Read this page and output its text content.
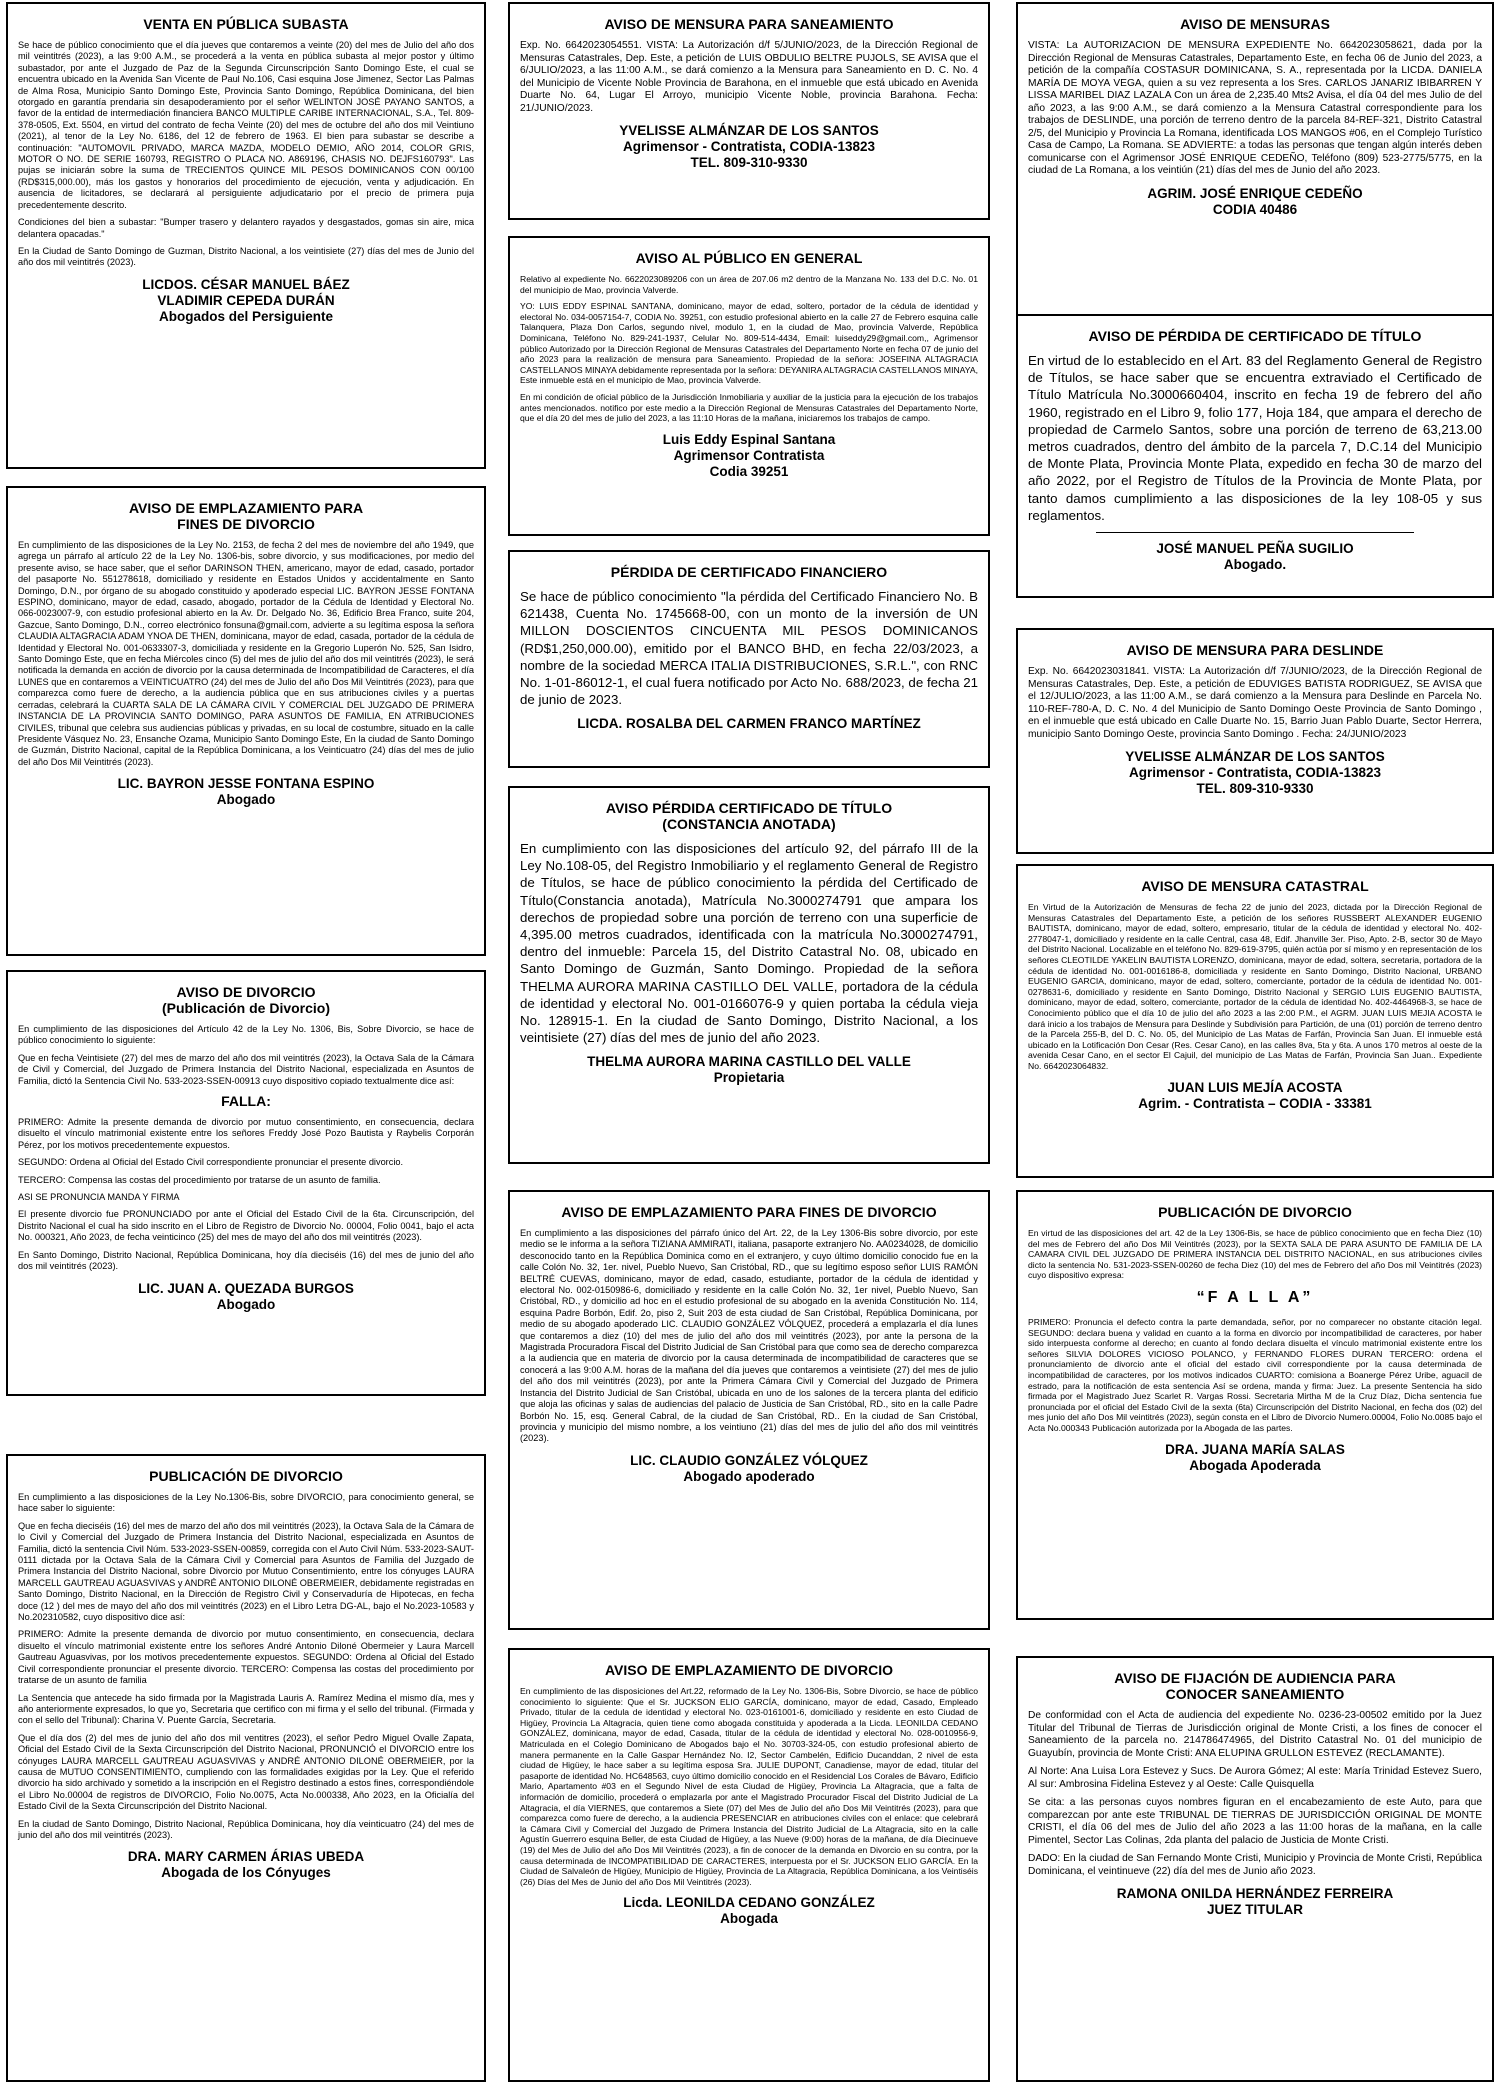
VENTA EN PÚBLICA SUBASTA

Se hace de público conocimiento que el día jueves que contaremos a veinte (20) del mes de Julio del año dos mil veintitrés (2023), a las 9:00 A.M., se procederá a la venta en pública subasta al mejor postor y último subastador, por ante el Juzgado de Paz de la Segunda Circunscripción Santo Domingo Este, el cual se encuentra ubicado en la Avenida San Vicente de Paul No.106, Casi esquina Jose Jimenez, Sector Las Palmas de Alma Rosa, Municipio Santo Domingo Este, Provincia Santo Domingo, República Dominicana, del bien otorgado en garantía prendaria sin desapoderamiento por el señor WELINTON JOSÉ PAYANO SANTOS, a favor de la entidad de intermediación financiera BANCO MULTIPLE CARIBE INTERNACIONAL, S.A., Tel. 809-378-0505, Ext. 5504, en virtud del contrato de fecha Veinte (20) del mes de octubre del año dos mil Veintiuno (2021), al tenor de la Ley No. 6186, del 12 de febrero de 1963. El bien para subastar se describe a continuación: "AUTOMOVIL PRIVADO, MARCA MAZDA, MODELO DEMIO, AÑO 2014, COLOR GRIS, MOTOR O NO. DE SERIE 160793, REGISTRO O PLACA NO. A869196, CHASIS NO. DEJFS160793". Las pujas se iniciarán sobre la suma de TRECIENTOS QUINCE MIL PESOS DOMINICANOS CON 00/100 (RD$315,000.00), más los gastos y honorarios del procedimiento de ejecución, venta y adjudicación. En ausencia de licitadores, se declarará al persiguiente adjudicatario por el precio de primera puja precedentemente descrito.

Condiciones del bien a subastar: "Bumper trasero y delantero rayados y desgastados, gomas sin aire, mica delantera opacadas."

En la Ciudad de Santo Domingo de Guzman, Distrito Nacional, a los veintisiete (27) días del mes de Junio del año dos mil veintitrés (2023).

LICDOS. CÉSAR MANUEL BÁEZ
VLADIMIR CEPEDA DURÁN
Abogados del Persiguiente
AVISO DE EMPLAZAMIENTO PARA
FINES DE DIVORCIO

En cumplimiento de las disposiciones de la Ley No. 2153, de fecha 2 del mes de noviembre del año 1949, que agrega un párrafo al artículo 22 de la Ley No. 1306-bis, sobre divorcio, y sus modificaciones, por medio del presente aviso, se hace saber, que el señor DARINSON THEN, americano, mayor de edad, casado, portador del pasaporte No. 551278618, domiciliado y residente en Estados Unidos y accidentalmente en Santo Domingo, D.N., por órgano de su abogado constituido y apoderado especial LIC. BAYRON JESSE FONTANA ESPINO, dominicano, mayor de edad, casado, abogado, portador de la Cédula de Identidad y Electoral No. 066-0023007-9, con estudio profesional abierto en la Av. Dr. Delgado No. 36, Edificio Brea Franco, suite 204, Gazcue, Santo Domingo, D.N., correo electrónico fonsuna@gmail.com, advierte a su legítima esposa la señora CLAUDIA ALTAGRACIA ADAM YNOA DE THEN, dominicana, mayor de edad, casada, portador de la cédula de Identidad y Electoral No. 001-0633307-3, domiciliada y residente en la Gregorio Luperón No. 525, San Isidro, Santo Domingo Este, que en fecha Miércoles cinco (5) del mes de julio del año dos mil veintitrés (2023), le será notificada la demanda en acción de divorcio por la causa determinada de Incompatibilidad de Caracteres, el día LUNES que en contaremos a VEINTICUATRO (24) del mes de Julio del año Dos Mil Veintitrés (2023), para que comparezca como fuere de derecho, a la audiencia pública que en sus atribuciones civiles y a puertas cerradas, celebrará la CUARTA SALA DE LA CÁMARA CIVIL Y COMERCIAL DEL JUZGADO DE PRIMERA INSTANCIA DE LA PROVINCIA SANTO DOMINGO, PARA ASUNTOS DE FAMILIA, EN ATRIBUCIONES CIVILES, tribunal que celebra sus audiencias públicas y privadas, en su local de costumbre, situado en la calle Presidente Vásquez No. 23, Ensanche Ozama, Municipio Santo Domingo Este, En la ciudad de Santo Domingo de Guzmán, Distrito Nacional, capital de la República Dominicana, a los Veinticuatro (24) días del mes de julio del año Dos Mil Veintitrés (2023).

LIC. BAYRON JESSE FONTANA ESPINO
Abogado
AVISO DE DIVORCIO
(Publicación de Divorcio)

En cumplimiento de las disposiciones del Artículo 42 de la Ley No. 1306, Bis, Sobre Divorcio, se hace de público conocimiento lo siguiente:

Que en fecha Veintisiete (27) del mes de marzo del año dos mil veintitrés (2023), la Octava Sala de la Cámara de Civil y Comercial, del Juzgado de Primera Instancia del Distrito Nacional, especializada en Asuntos de Familia, dictó la Sentencia Civil No. 533-2023-SSEN-00913 cuyo dispositivo copiado textualmente dice así:

FALLA:

PRIMERO: Admite la presente demanda de divorcio por mutuo consentimiento, en consecuencia, declara disuelto el vínculo matrimonial existente entre los señores Freddy José Pozo Bautista y Raybelis Corporán Pérez, por los motivos precedentemente expuestos.

SEGUNDO: Ordena al Oficial del Estado Civil correspondiente pronunciar el presente divorcio.

TERCERO: Compensa las costas del procedimiento por tratarse de un asunto de familia.

ASI SE PRONUNCIA MANDA Y FIRMA

El presente divorcio fue PRONUNCIADO por ante el Oficial del Estado Civil de la 6ta. Circunscripción, del Distrito Nacional el cual ha sido inscrito en el Libro de Registro de Divorcio No. 00004, Folio 0041, bajo el acta No. 000321, Año 2023, de fecha veinticinco (25) del mes de mayo del año dos mil veintitrés (2023).

En Santo Domingo, Distrito Nacional, República Dominicana, hoy día dieciséis (16) del mes de junio del año dos mil veintitrés (2023).

LIC. JUAN A. QUEZADA BURGOS
Abogado
PUBLICACIÓN DE DIVORCIO

En cumplimiento a las disposiciones de la Ley No.1306-Bis, sobre DIVORCIO, para conocimiento general, se hace saber lo siguiente:

Que en fecha dieciséis (16) del mes de marzo del año dos mil veintitrés (2023), la Octava Sala de la Cámara de lo Civil y Comercial del Juzgado de Primera Instancia del Distrito Nacional, especializada en Asuntos de Familia, dictó la sentencia Civil Núm. 533-2023-SSEN-00859, corregida con el Auto Civil Núm. 533-2023-SAUT-0111 dictada por la Octava Sala de la Cámara Civil y Comercial para Asuntos de Familia del Juzgado de Primera Instancia del Distrito Nacional, sobre Divorcio por Mutuo Consentimiento, entre los cónyuges LAURA MARCELL GAUTREAU AGUASVIVAS y ANDRÉ ANTONIO DILONÉ OBERMEIER, debidamente registradas en Santo Domingo, Distrito Nacional, en la Dirección de Registro Civil y Conservaduría de Hipotecas, en fecha doce (12 ) del mes de mayo del año dos mil veintitrés (2023) en el Libro Letra DG-AL, bajo el No.2023-10583 y No.202310582, cuyo dispositivo dice así:

PRIMERO: Admite la presente demanda de divorcio por mutuo consentimiento, en consecuencia, declara disuelto el vínculo matrimonial existente entre los señores André Antonio Diloné Obermeier y Laura Marcell Gautreau Aguasvivas, por los motivos precedentemente expuestos. SEGUNDO: Ordena al Oficial del Estado Civil correspondiente pronunciar el presente divorcio. TERCERO: Compensa las costas del procedimiento por tratarse de un asunto de familia

La Sentencia que antecede ha sido firmada por la Magistrada Lauris A. Ramírez Medina el mismo día, mes y año anteriormente expresados, lo que yo, Secretaria que certifico con mi firma y el sello del tribunal. (Firmada y con el sello del Tribunal): Charina V. Puente García, Secretaria.

Que el día dos (2) del mes de junio del año dos mil ventitres (2023), el señor Pedro Miguel Ovalle Zapata, Oficial del Estado Civil de la Sexta Circunscripción del Distrito Nacional, PRONUNCIÓ el DIVORCIO entre los cónyuges LAURA MARCELL GAUTREAU AGUASVIVAS y ANDRÉ ANTONIO DILONÉ OBERMEIER, por la causa de MUTUO CONSENTIMIENTO, cumpliendo con las formalidades exigidas por la Ley. Que el referido divorcio ha sido archivado y sometido a la inscripción en el Registro destinado a estos fines, correspondiéndole el Libro No.00004 de registros de DIVORCIO, Folio No.0075, Acta No.000338, Año 2023, en la Oficialía del Estado Civil de la Sexta Circunscripción del Distrito Nacional.

En la ciudad de Santo Domingo, Distrito Nacional, República Dominicana, hoy día veinticuatro (24) del mes de junio del año dos mil veintitrés (2023).

DRA. MARY CARMEN ÁRIAS UBEDA
Abogada de los Cónyuges
AVISO DE MENSURA PARA SANEAMIENTO

Exp. No. 6642023054551. VISTA: La Autorización d/f 5/JUNIO/2023, de la Dirección Regional de Mensuras Catastrales, Dep. Este, a petición de LUIS OBDULIO BELTRE PUJOLS, SE AVISA que el 6/JULIO/2023, a las 11:00 A.M., se dará comienzo a la Mensura para Saneamiento en D. C. No. 4 del Municipio de Vicente Noble Provincia de Barahona, en el inmueble que está ubicado en Avenida Duarte No. 64, Lugar El Arroyo, municipio Vicente Noble, provincia Barahona. Fecha: 21/JUNIO/2023.

YVELISSE ALMÁNZAR DE LOS SANTOS
Agrimensor - Contratista, CODIA-13823
TEL. 809-310-9330
AVISO AL PÚBLICO EN GENERAL

Relativo al expediente No. 6622023089206 con un área de 207.06 m2 dentro de la Manzana No. 133 del D.C. No. 01 del municipio de Mao, provincia Valverde.

YO: LUIS EDDY ESPINAL SANTANA, dominicano, mayor de edad, soltero, portador de la cédula de identidad y electoral No. 034-0057154-7, CODIA No. 39251, con estudio profesional abierto en la calle 27 de Febrero esquina calle Talanquera, Plaza Don Carlos, segundo nivel, modulo 1, en la ciudad de Mao, provincia Valverde, República Dominicana, Teléfono No. 829-241-1937, Celular No. 809-514-4434, Email: luiseddy29@gmail.com,, Agrimensor público Autorizado por la Dirección Regional de Mensuras Catastrales del Departamento Norte en fecha 07 de junio del año 2023 para la realización de mensura para Saneamiento. Propiedad de la señora: JOSEFINA ALTAGRACIA CASTELLANOS MINAYA debidamente representada por la señora: DEYANIRA ALTAGRACIA CASTELLANOS MINAYA, Este inmueble está en el municipio de Mao, provincia Valverde.

En mi condición de oficial público de la Jurisdicción Inmobiliaria y auxiliar de la justicia para la ejecución de los trabajos antes mencionados. notifico por este medio a la Dirección Regional de Mensuras Catastrales del Departamento Norte, que el día 20 del mes de julio del 2023, a las 11:10 Horas de la mañana, iniciaremos los trabajos de campo.

Luis Eddy Espinal Santana
Agrimensor Contratista
Codia 39251
PÉRDIDA DE CERTIFICADO FINANCIERO

Se hace de público conocimiento "la pérdida del Certificado Financiero No. B 621438, Cuenta No. 1745668-00, con un monto de la inversión de UN MILLON DOSCIENTOS CINCUENTA MIL PESOS DOMINICANOS (RD$1,250,000.00), emitido por el BANCO BHD, en fecha 22/03/2023, a nombre de la sociedad MERCA ITALIA DISTRIBUCIONES, S.R.L.", con RNC No. 1-01-86012-1, el cual fuera notificado por Acto No. 688/2023, de fecha 21 de junio de 2023.

LICDA. ROSALBA DEL CARMEN FRANCO MARTÍNEZ
AVISO PÉRDIDA CERTIFICADO DE TÍTULO
(CONSTANCIA ANOTADA)

En cumplimiento con las disposiciones del artículo 92, del párrafo III de la Ley No.108-05, del Registro Inmobiliario y el reglamento General de Registro de Títulos, se hace de público conocimiento la pérdida del Certificado de Título(Constancia anotada), Matrícula No.3000274791 que ampara los derechos de propiedad sobre una porción de terreno con una superficie de 4,395.00 metros cuadrados, identificada con la matrícula No.3000274791, dentro del inmueble: Parcela 15, del Distrito Catastral No. 08, ubicado en Santo Domingo de Guzmán, Santo Domingo. Propiedad de la señora THELMA AURORA MARINA CASTILLO DEL VALLE, portadora de la cédula de identidad y electoral No. 001-0166076-9 y quien portaba la cédula vieja No. 128915-1. En la ciudad de Santo Domingo, Distrito Nacional, a los veintisiete (27) días del mes de junio del año 2023.

THELMA AURORA MARINA CASTILLO DEL VALLE
Propietaria
AVISO DE EMPLAZAMIENTO PARA FINES DE DIVORCIO

En cumplimiento a las disposiciones del párrafo único del Art. 22, de la Ley 1306-Bis sobre divorcio, por este medio se le informa a la señora TIZIANA AMMIRATI, italiana, pasaporte extranjero No. AA0234028, de domicilio desconocido tanto en la República Dominica como en el extranjero, y cuyo último domicilio conocido fue en la calle Colón No. 32, 1er. nivel, Pueblo Nuevo, San Cristóbal, RD., que su legítimo esposo señor LUIS RAMÓN BELTRÉ CUEVAS, dominicano, mayor de edad, casado, estudiante, portador de la cédula de identidad y electoral No. 002-0150986-6, domiciliado y residente en la calle Colón No. 32, 1er nivel, Pueblo Nuevo, San Cristóbal, RD., y domicilio ad hoc en el estudio profesional de su abogado en la avenida Constitución No. 114, esquina Padre Borbón, Edif. 2o, piso 2, Suit 203 de esta ciudad de San Cristóbal, República Dominicana, por medio de su abogado apoderado LIC. CLAUDIO GONZÁLEZ VÓLQUEZ, procederá a emplazarla el día lunes que contaremos a diez (10) del mes de julio del año dos mil veintitrés (2023), por ante la persona de la Magistrada Procuradora Fiscal del Distrito Judicial de San Cristóbal para que como sea de derecho comparezca a la audiencia que en materia de divorcio por la causa determinada de incompatibilidad de caracteres que se conocerá a las 9:00 A.M. horas de la mañana del día jueves que contaremos a veintisiete (27) del mes de julio del año dos mil veintitrés (2023), por ante la Primera Cámara Civil y Comercial del Juzgado de Primera Instancia del Distrito Judicial de San Cristóbal, ubicada en uno de los salones de la tercera planta del edificio que aloja las oficinas y salas de audiencias del palacio de Justicia de San Cristóbal, RD., sito en la calle Padre Borbón No. 15, esq. General Cabral, de la ciudad de San Cristóbal, RD.. En la ciudad de San Cristóbal, provincia y municipio del mismo nombre, a los veintiuno (21) días del mes de julio del año dos mil veintitrés (2023).

LIC. CLAUDIO GONZÁLEZ VÓLQUEZ
Abogado apoderado
AVISO DE EMPLAZAMIENTO DE DIVORCIO

En cumplimiento de las disposiciones del Art.22, reformado de la Ley No. 1306-Bis, Sobre Divorcio, se hace de público conocimiento lo siguiente: Que el Sr. JUCKSON ELIO GARCÍA, dominicano, mayor de edad, Casado, Empleado Privado, titular de la cedula de identidad y electoral No. 023-0161001-6, domiciliado y residente en esto Ciudad de Higüey, Provincia La Altagracia, quien tiene como abogada constituida y apoderada a la Licda. LEONILDA CEDANO GONZÁLEZ, dominicana, mayor de edad, Casada, titular de la cédula de identidad y electoral No. 028-0010956-9, Matriculada en el Colegio Dominicano de Abogados bajo el No. 30703-324-05, con estudio profesional abierto de manera permanente en la Calle Gaspar Hernández No. I2, Sector Cambelén, Edificio Ducanddan, 2 nivel de esta ciudad de Higüey, le hace saber a su legítima esposa Sra. JULIE DUPONT, Canadiense, mayor de edad, titular del pasaporte de identidad No. HC648563, cuyo último domicilio conocido en el Residencial Los Corales de Bávaro, Edificio Mario, Apartamento #03 en el Segundo Nivel de esta Ciudad de Higüey, Provincia La Altagracia, que a falta de información de domicilio, procederá o emplazarla por ante el Magistrado Procurador Fiscal del Distrito Judicial de La Altagracia, el día VIERNES, que contaremos a Siete (07) del Mes de Julio del año Dos Mil Veintitrés (2023), para que comparezca como fuere de derecho, a la audiencia PRESENCIAR en atribuciones civiles con el enlace: que celebrará la Cámara Civil y Comercial del Juzgado de Primera Instancia del Distrito Judicial de La Altagracia, sito en la calle Agustín Guerrero esquina Beller, de esta Ciudad de Higüey, a las Nueve (9:00) horas de la mañana, de día Diecinueve (19) del Mes de Julio del año Dos Mil Veintitrés (2023), a fin de conocer de la demanda en Divorcio en su contra, por la causa determinada de INCOMPATIBILIDAD DE CARACTERES, interpuesta por el Sr. JUCKSON ELIO GARCÍA. En la Ciudad de Salvaleón de Higüey, Municipio de Higüey, Provincia de La Altagracia, República Dominicana, a los Veintiséis (26) Días del Mes de Junio del año Dos Mil Veintitrés (2023).

Licda. LEONILDA CEDANO GONZÁLEZ
Abogada
AVISO DE MENSURAS

VISTA: La AUTORIZACION DE MENSURA EXPEDIENTE No. 6642023058621, dada por la Dirección Regional de Mensuras Catastrales, Departamento Este, en fecha 06 de Junio del 2023, a petición de la compañía COSTASUR DOMINICANA, S. A., representada por la LICDA. DANIELA MARÍA DE MOYA VEGA, quien a su vez representa a los Sres. CARLOS JANARIZ IBIBARREN Y LISSA MARIBEL DIAZ LAZALA Con un área de 2,235.40 Mts2 Avisa, el día 04 del mes Julio de del año 2023, a las 9:00 A.M., se dará comienzo a la Mensura Catastral correspondiente para los trabajos de DESLINDE, una porción de terreno dentro de la parcela 84-REF-321, Distrito Catastral 2/5, del Municipio y Provincia La Romana, identificada LOS MANGOS #06, en el Complejo Turístico Casa de Campo, La Romana. SE ADVIERTE: a todas las personas que tengan algún interés deben comunicarse con el Agrimensor JOSÉ ENRIQUE CEDEÑO, Teléfono (809) 523-2775/5775, en la ciudad de La Romana, a los veintiún (21) días del mes de Junio del año 2023.

AGRIM. JOSÉ ENRIQUE CEDEÑO
CODIA 40486
AVISO DE PÉRDIDA DE CERTIFICADO DE TÍTULO

En virtud de lo establecido en el Art. 83 del Reglamento General de Registro de Títulos, se hace saber que se encuentra extraviado el Certificado de Título Matrícula No.3000660404, inscrito en fecha 19 de febrero del año 1960, registrado en el Libro 9, folio 177, Hoja 184, que ampara el derecho de propiedad de Carmelo Santos, sobre una porción de terreno de 63,213.00 metros cuadrados, dentro del ámbito de la parcela 7, D.C.14 del Municipio de Monte Plata, Provincia Monte Plata, expedido en fecha 30 de marzo del año 2022, por el Registro de Títulos de la Provincia de Monte Plata, por tanto damos cumplimiento a las disposiciones de la ley 108-05 y sus reglamentos.

JOSÉ MANUEL PEÑA SUGILIO
Abogado.
AVISO DE MENSURA PARA DESLINDE

Exp. No. 6642023031841. VISTA: La Autorización d/f 7/JUNIO/2023, de la Dirección Regional de Mensuras Catastrales, Dep. Este, a petición de EDUVIGES BATISTA RODRIGUEZ, SE AVISA que el 12/JULIO/2023, a las 11:00 A.M., se dará comienzo a la Mensura para Deslinde en Parcela No. 110-REF-780-A, D. C. No. 4 del Municipio de Santo Domingo Oeste Provincia de Santo Domingo , en el inmueble que está ubicado en Calle Duarte No. 15, Barrio Juan Pablo Duarte, Sector Herrera, municipio Santo Domingo Oeste, provincia Santo Domingo . Fecha: 24/JUNIO/2023

YVELISSE ALMÁNZAR DE LOS SANTOS
Agrimensor - Contratista, CODIA-13823
TEL. 809-310-9330
AVISO DE MENSURA CATASTRAL

En Virtud de la Autorización de Mensuras de fecha 22 de junio del 2023, dictada por la Dirección Regional de Mensuras Catastrales del Departamento Este, a petición de los señores RUSSBERT ALEXANDER EUGENIO BAUTISTA, dominicano, mayor de edad, soltero, empresario, titular de la cédula de identidad y electoral No. 402-2778047-1, domiciliado y residente en la calle Central, casa 48, Edif. Jhanville 3er. Piso, Apto. 2-B, sector 30 de Mayo del Distrito Nacional. Localizable en el teléfono No. 829-619-3795, quién actúa por sí mismo y en representación de los señores CLEOTILDE YAKELIN BAUTISTA LORENZO, dominicana, mayor de edad, soltera, secretaria, portadora de la cédula de identidad No. 001-0016186-8, domiciliada y residente en Santo Domingo, Distrito Nacional, URBANO EUGENIO GARCIA, dominicano, mayor de edad, soltero, comerciante, portador de la cédula de identidad No. 001-0278631-6, domiciliado y residente en Santo Domingo, Distrito Nacional y SERGIO LUIS EUGENIO BAUTISTA, dominicano, mayor de edad, soltero, comerciante, portador de la cédula de identidad No. 402-4464968-3, se hace de Conocimiento público que el día 10 de julio del año 2023 a las 2:00 P.M., el AGRM. JUAN LUIS MEJIA ACOSTA le dará inicio a los trabajos de Mensura para Deslinde y Subdivisión para Partición, de una (01) porción de terreno dentro de la Parcela 255-B, del D. C. No. 05, del Municipio de Las Matas de Farfán, Provincia San Juan. El inmueble está ubicado en la Lotificación Don Cesar (Res. Cesar Cano), en las calles 8va, 5ta y 6ta. A unos 170 metros al oeste de la avenida Cesar Cano, en el sector El Cajuil, del municipio de Las Matas de Farfán, Provincia San Juan.. Expediente No. 6642023064832.

JUAN LUIS MEJÍA ACOSTA
Agrim. - Contratista – CODIA - 33381
PUBLICACIÓN DE DIVORCIO

En virtud de las disposiciones del art. 42 de la Ley 1306-Bis, se hace de público conocimiento que en fecha Diez (10) del mes de Febrero del año Dos Mil Veintitrés (2023), por la SEXTA SALA DE PARA ASUNTO DE FAMILIA DE LA CAMARA CIVIL DEL JUZGADO DE PRIMERA INSTANCIA DEL DISTRITO NACIONAL, en sus atribuciones civiles dicto la sentencia No. 531-2023-SSEN-00260 de fecha Diez (10) del mes de Febrero del año Dos mil Veintitrés (2023) cuyo dispositivo expresa:

“F A L L A”

PRIMERO: Pronuncia el defecto contra la parte demandada, señor, por no comparecer no obstante citación legal. SEGUNDO: declara buena y validad en cuanto a la forma en divorcio por incompatibilidad de caracteres, por haber sido interpuesta conforme al derecho; en cuanto al fondo declara disuelta el vínculo matrimonial existente entre los señores SILVIA DOLORES VICIOSO POLANCO, y FERNANDO FLORES DURAN TERCERO: ordena el pronunciamiento de divorcio ante el oficial del estado civil correspondiente por la causa determinada de incompatibilidad de caracteres, por los motivos indicados CUARTO: comisiona a Boanerge Pérez Uribe, aguacil de estrado, para la notificación de esta sentencia Así se ordena, manda y firma: Juez. La presente Sentencia ha sido firmada por el Magistrado Juez Scarlet R. Vargas Rossi. Secretaria Mirtha M de la Cruz Díaz, Dicha sentencia fue pronunciada por el oficial del Estado Civil de la sexta (6ta) Circunscripción del Distrito Nacional, en fecha dos (02) del mes junio del año Dos Mil veintitrés (2023), según consta en el Libro de Divorcio Numero.00004, Folio No.0085 bajo el Acta No.000343 Publicación autorizada por la Abogada de las partes.

DRA. JUANA MARÍA SALAS
Abogada Apoderada
AVISO DE FIJACIÓN DE AUDIENCIA PARA
CONOCER SANEAMIENTO

De conformidad con el Acta de audiencia del expediente No. 0236-23-00502 emitido por la Juez Titular del Tribunal de Tierras de Jurisdicción original de Monte Cristi, a los fines de conocer el Saneamiento de la parcela no. 214786474965, del Distrito Catastral No. 01 del municipio de Guayubín, provincia de Monte Cristi: ANA ELUPINA GRULLON ESTEVEZ (RECLAMANTE).

Al Norte: Ana Luisa Lora Estevez y Sucs. De Aurora Gómez; Al este: María Trinidad Estevez Suero, Al sur: Ambrosina Fidelina Estevez y al Oeste: Calle Quisquella

Se cita: a las personas cuyos nombres figuran en el encabezamiento de este Auto, para que comparezcan por ante este TRIBUNAL DE TIERRAS DE JURISDICCIÓN ORIGINAL DE MONTE CRISTI, el día 06 del mes de Julio del año 2023 a las 11:00 horas de la mañana, en la calle Pimentel, Sector Las Colinas, 2da planta del palacio de Justicia de Monte Cristi.

DADO: En la ciudad de San Fernando Monte Cristi, Municipio y Provincia de Monte Cristi, República Dominicana, el veintinueve (22) día del mes de Junio año 2023.

RAMONA ONILDA HERNÁNDEZ FERREIRA
JUEZ TITULAR
